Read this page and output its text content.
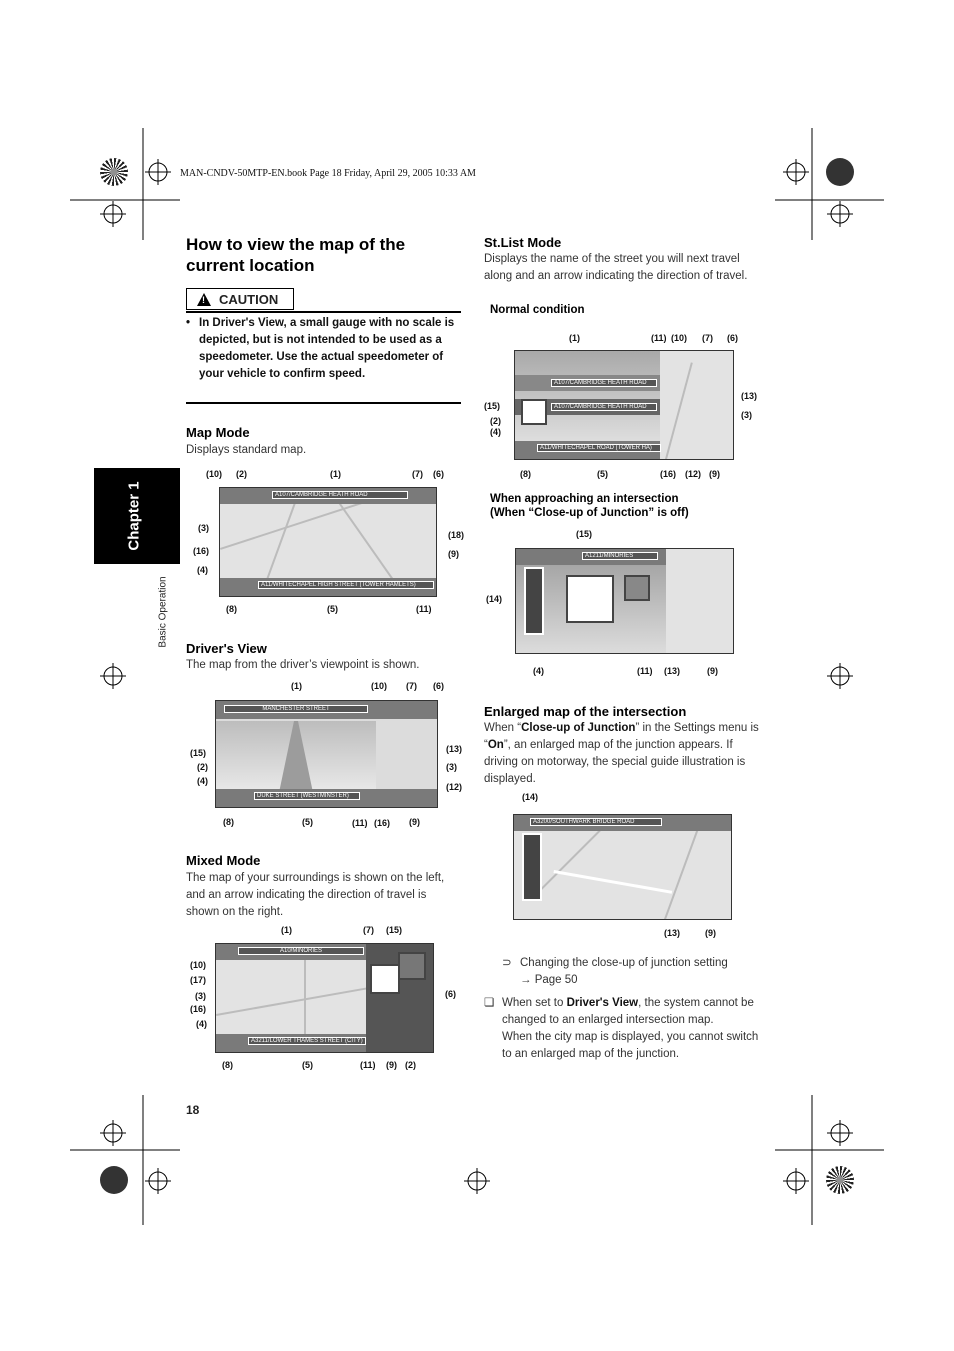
MAN-CNDV-50MTP-EN.book Page 18 Friday, April 29, 2005 10:33 AM
Chapter 1
Basic Operation
How to view the map of the current location
!
CAUTION
• In Driver's View, a small gauge with no scale is depicted, but is not intended to be used as a speedometer. Use the actual speedometer of your vehicle to confirm speed.
Map Mode

Displays standard map.

A107/CAMBRIDGE HEATH ROAD
A11/WHITECHAPEL HIGH STREET (TOWER HAMLETS)
Driver's View

The map from the driver’s viewpoint is shown.

MANCHESTER STREET
DUKE STREET (WESTMINSTER)
Mixed Mode

The map of your surroundings is shown on the left, and an arrow indicating the direction of travel is shown on the right.

A10/MINORIES
A3211/LOWER THAMES STREET (CITY)
St.List Mode

Displays the name of the street you will next travel along and an arrow indicating the direction of travel.

Normal condition
A107/CAMBRIDGE HEATH ROAD
A107/CAMBRIDGE HEATH ROAD
A11/WHITECHAPEL ROAD (TOWER HA)
When approaching an intersection
(When “Close-up of Junction” is off)
A1211/MINORIES
Enlarged map of the intersection

When “Close-up of Junction” in the Settings menu is “On”, an enlarged map of the junction appears. If driving on motorway, the special guide illustration is displayed.

A3200/SOUTHWARK BRIDGE ROAD
⊃ Changing the close-up of junction setting
→ Page 50
❏ When set to Driver's View, the system cannot be changed to an enlarged intersection map.
When the city map is displayed, you cannot switch to an enlarged map of the junction.
18
(10) (2)	(1)	(7) (6)
(3)
(18)
(16)	(9)
(4)
(8)	(5)	(11)
(1)	(10) (7) (6)
(15)	(13)
(2)	(3)
(4)
(12)
(8)	(5)	(11) (16) (9)
(1)	(7) (15)
(10)
(17)
(3)	(6)
(16)
(4)
(8)	(5)	(11) (9) (2)
(1)	(11) (10) (7) (6)
(15)
(13)
(2)
(3)
(4)
(8)	(5)	(16) (12) (9)
(15)
(14)
(4)	(11) (13)	(9)
(14)
(13)	(9)
